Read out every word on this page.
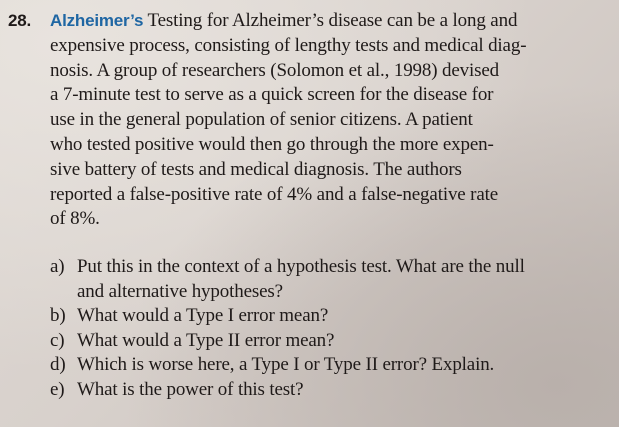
28. Alzheimer’s Testing for Alzheimer’s disease can be a long and
expensive process, consisting of lengthy tests and medical diag-
nosis. A group of researchers (Solomon et al., 1998) devised
a 7-minute test to serve as a quick screen for the disease for
use in the general population of senior citizens. A patient
who tested positive would then go through the more expen-
sive battery of tests and medical diagnosis. The authors
reported a false-positive rate of 4% and a false-negative rate
of 8%.
a) Put this in the context of a hypothesis test. What are the null
and alternative hypotheses?
b) What would a Type I error mean?
c) What would a Type II error mean?
d) Which is worse here, a Type I or Type II error? Explain.
e) What is the power of this test?
